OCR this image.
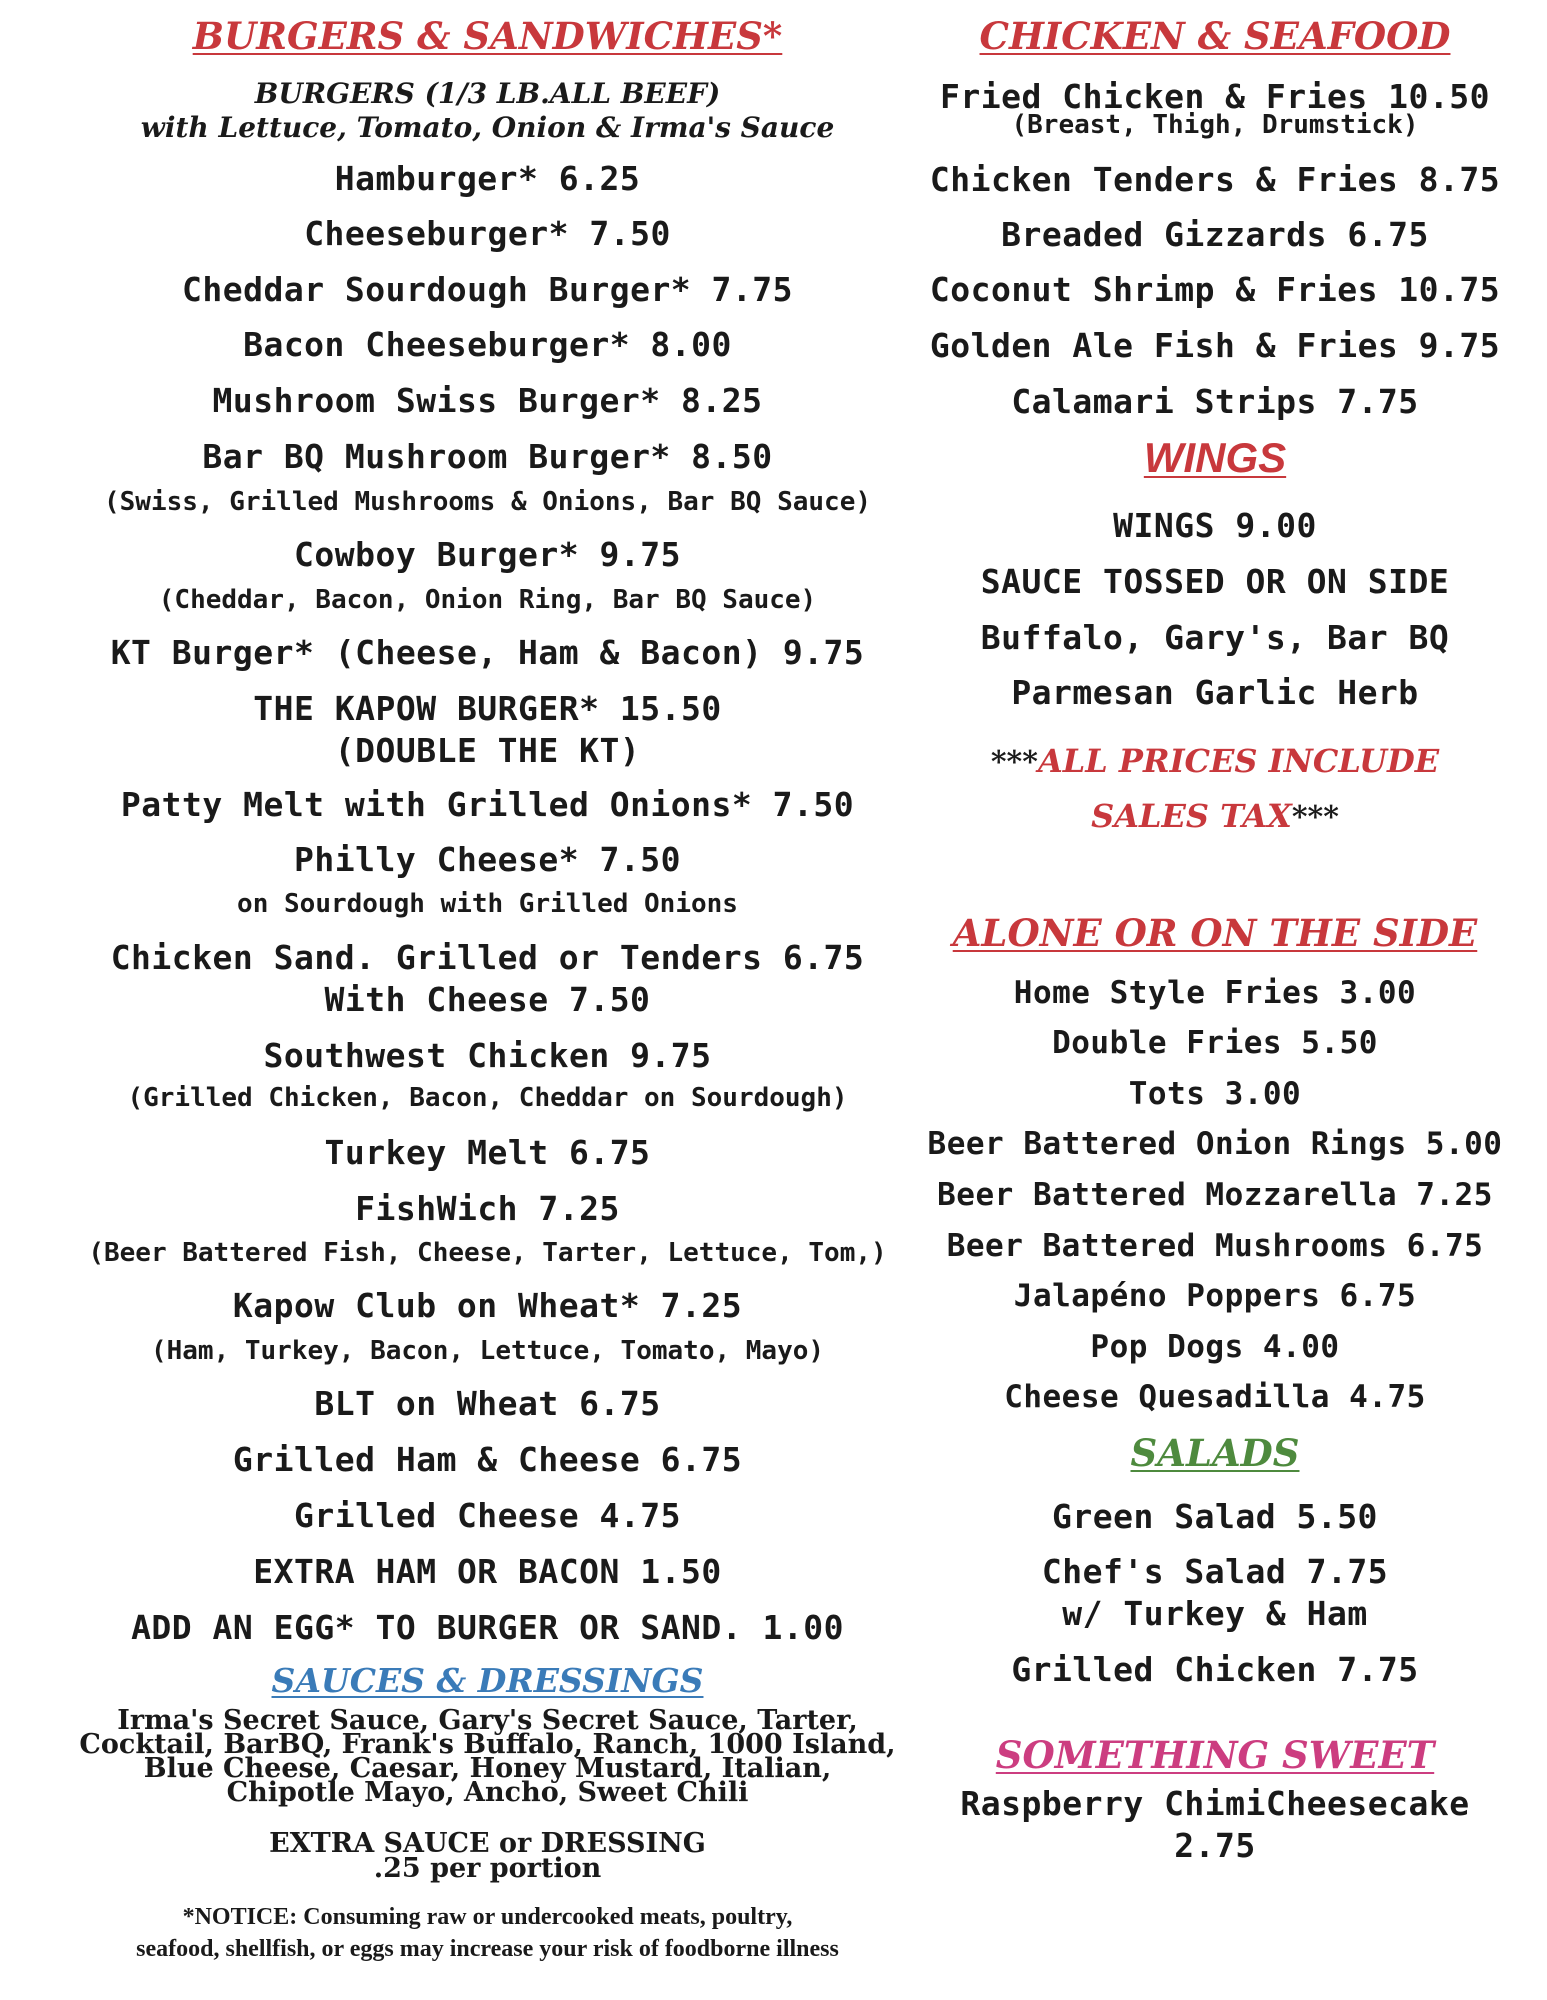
BURGERS & SANDWICHES*
BURGERS (1/3 LB.ALL BEEF)
with Lettuce, Tomato, Onion & Irma's Sauce
Hamburger* 6.25
Cheeseburger* 7.50
Cheddar Sourdough Burger* 7.75
Bacon Cheeseburger* 8.00
Mushroom Swiss Burger* 8.25
Bar BQ Mushroom Burger* 8.50
(Swiss, Grilled Mushrooms & Onions, Bar BQ Sauce)
Cowboy Burger* 9.75
(Cheddar, Bacon, Onion Ring, Bar BQ Sauce)
KT Burger* (Cheese, Ham & Bacon) 9.75
THE KAPOW BURGER* 15.50
(DOUBLE THE KT)
Patty Melt with Grilled Onions* 7.50
Philly Cheese* 7.50
on Sourdough with Grilled Onions
Chicken Sand. Grilled or Tenders 6.75
With Cheese 7.50
Southwest Chicken 9.75
(Grilled Chicken, Bacon, Cheddar on Sourdough)
Turkey Melt 6.75
FishWich 7.25
(Beer Battered Fish, Cheese, Tarter, Lettuce, Tom,)
Kapow Club on Wheat* 7.25
(Ham, Turkey, Bacon, Lettuce, Tomato, Mayo)
BLT on Wheat 6.75
Grilled Ham & Cheese 6.75
Grilled Cheese 4.75
EXTRA HAM OR BACON 1.50
ADD AN EGG* TO BURGER OR SAND. 1.00
SAUCES & DRESSINGS
Irma's Secret Sauce, Gary's Secret Sauce, Tarter,
Cocktail, BarBQ, Frank's Buffalo, Ranch, 1000 Island,
Blue Cheese, Caesar, Honey Mustard, Italian,
Chipotle Mayo, Ancho, Sweet Chili
EXTRA SAUCE or DRESSING
.25 per portion
*NOTICE: Consuming raw or undercooked meats, poultry,
seafood, shellfish, or eggs may increase your risk of foodborne illness
CHICKEN & SEAFOOD
Fried Chicken & Fries 10.50
(Breast, Thigh, Drumstick)
Chicken Tenders & Fries 8.75
Breaded Gizzards 6.75
Coconut Shrimp & Fries 10.75
Golden Ale Fish & Fries 9.75
Calamari Strips 7.75
WINGS
WINGS 9.00
SAUCE TOSSED OR ON SIDE
Buffalo, Gary's, Bar BQ
Parmesan Garlic Herb
***ALL PRICES INCLUDE
SALES TAX***
ALONE OR ON THE SIDE
Home Style Fries 3.00
Double Fries 5.50
Tots 3.00
Beer Battered Onion Rings 5.00
Beer Battered Mozzarella 7.25
Beer Battered Mushrooms 6.75
Jalapéno Poppers 6.75
Pop Dogs 4.00
Cheese Quesadilla 4.75
SALADS
Green Salad 5.50
Chef's Salad 7.75
w/ Turkey & Ham
Grilled Chicken 7.75
SOMETHING SWEET
Raspberry ChimiCheesecake
2.75
